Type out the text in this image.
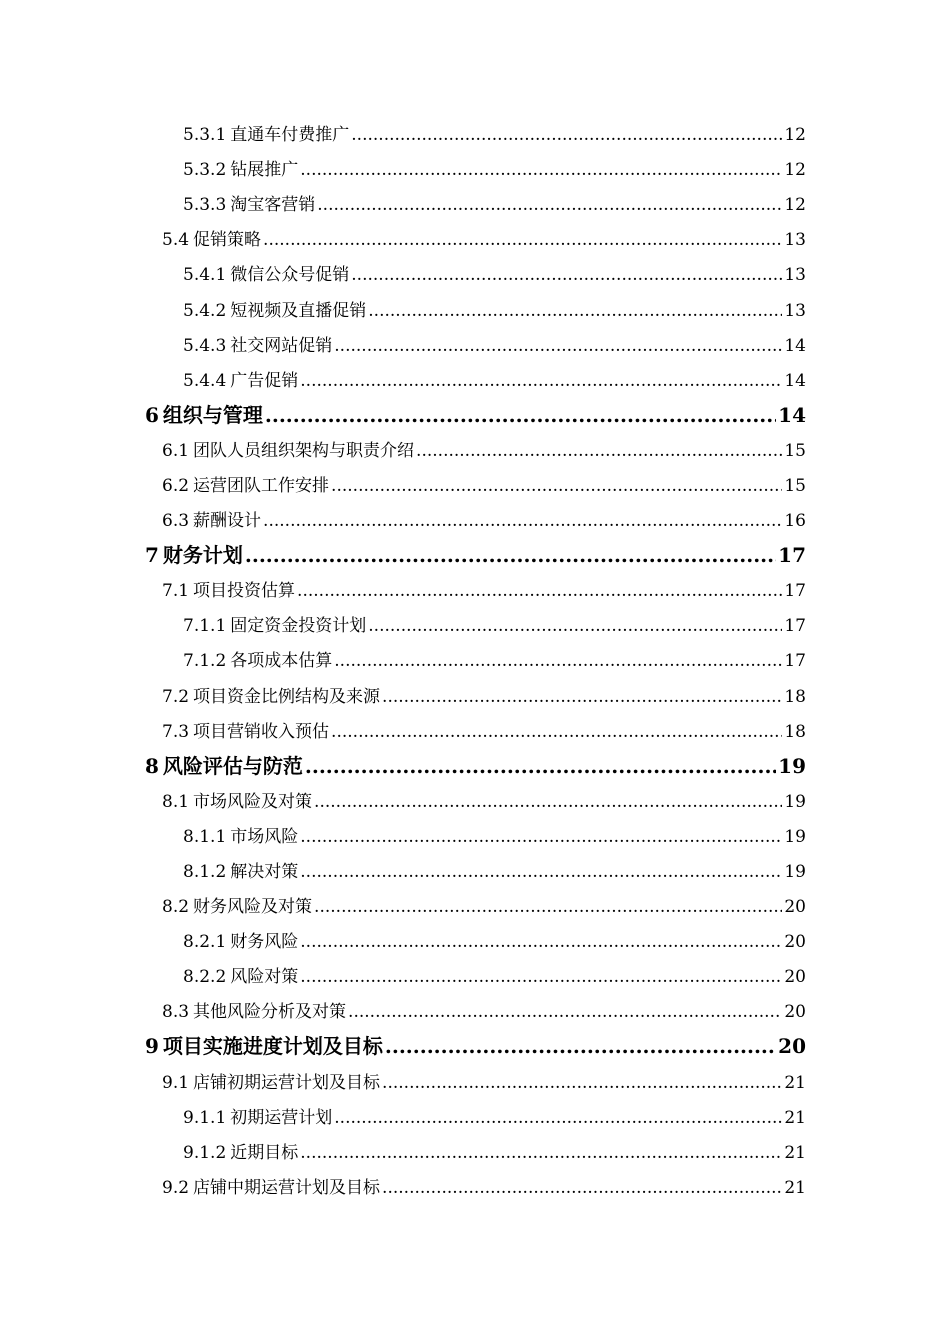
5.3.1 直通车付费推广 .....	12
5.3.2 钻展推广 .....	12
5.3.3 淘宝客营销 .....	12
5.4 促销策略 .....	13
5.4.1 微信公众号促销 .....	13
5.4.2 短视频及直播促销 .....	13
5.4.3 社交网站促销 .....	14
5.4.4 广告促销 .....	14
6 组织与管理 .....	14
6.1 团队人员组织架构与职责介绍 .....	15
6.2 运营团队工作安排 .....	15
6.3 薪酬设计 .....	16
7 财务计划 .....	17
7.1 项目投资估算 .....	17
7.1.1 固定资金投资计划 .....	17
7.1.2 各项成本估算 .....	17
7.2 项目资金比例结构及来源 .....	18
7.3 项目营销收入预估 .....	18
8 风险评估与防范 .....	19
8.1 市场风险及对策 .....	19
8.1.1 市场风险 .....	19
8.1.2 解决对策 .....	19
8.2 财务风险及对策 .....	20
8.2.1 财务风险 .....	20
8.2.2 风险对策 .....	20
8.3 其他风险分析及对策 .....	20
9 项目实施进度计划及目标 .....	20
9.1 店铺初期运营计划及目标 .....	21
9.1.1 初期运营计划 .....	21
9.1.2 近期目标 .....	21
9.2 店铺中期运营计划及目标 .....	21
